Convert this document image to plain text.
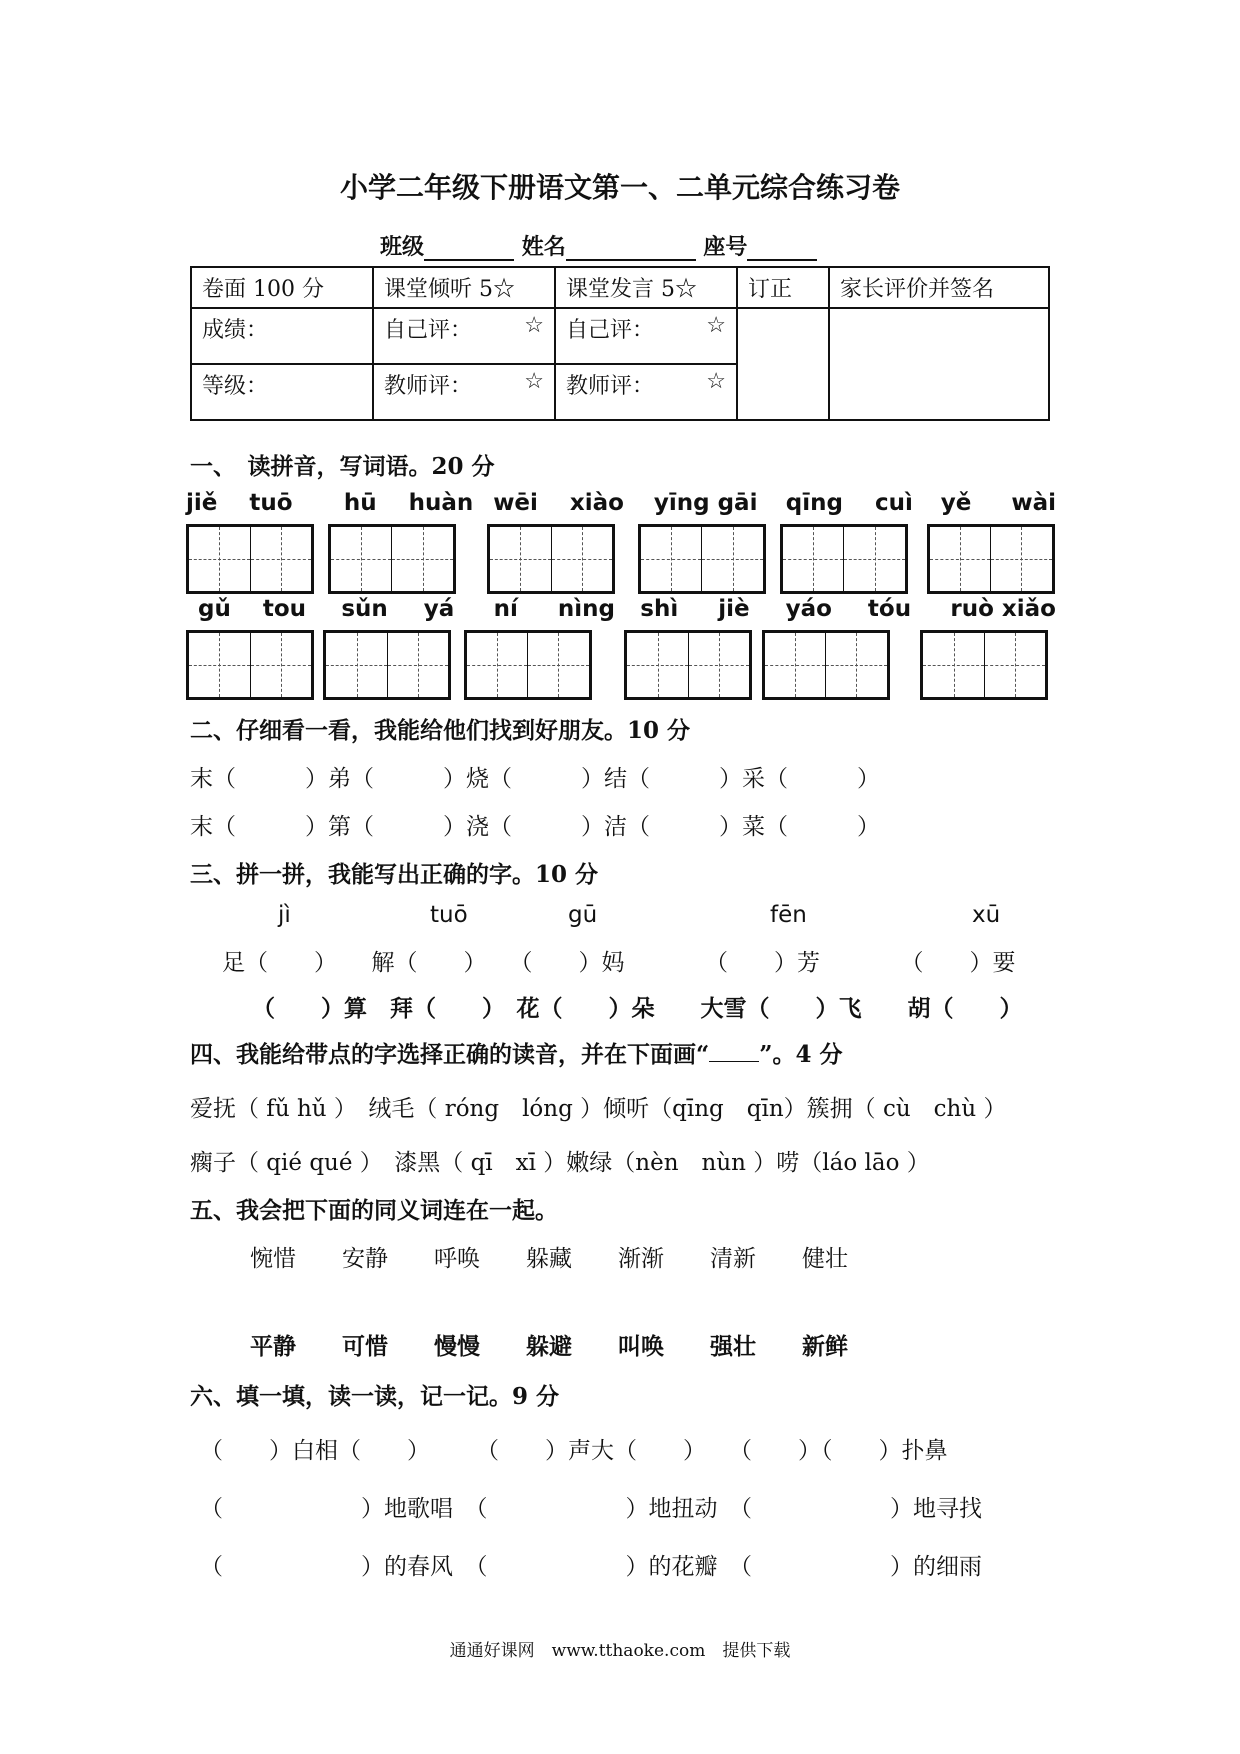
小学二年级下册语文第一、二单元综合练习卷
班级	姓名	座号
卷面 100 分	课堂倾听 5☆	课堂发言 5☆	订正	家长评价并签名
成绩：	自己评： ☆	自己评： ☆		

等级：	教师评： ☆	教师评： ☆		
一、　读拼音，写词语。20 分
jiě tuō hū huàn wēi xiào	yīng gāi	qīng cuì yě wài
gǔ tou sǔn yá ní nìng shì jiè yáo tóu	ruò xiǎo
二、仔细看一看，我能给他们找到好朋友。10 分
末（　　　）弟（　　　）烧（　　　）结（　　　）采（　　　）
末（　　　）第（　　　）浇（　　　）洁（　　　）菜（　　　）
三、拼一拼，我能写出正确的字。10 分
jì	tuō	gū	fēn	xū
足（　　）　　解（　　）　　（　　）妈　　　　（　　）芳　　　　（　　）要
（　　）算　拜（　　）　花（　　）朵　　大雪（　　）飞　　胡（　　）
四、我能给带点的字选择正确的读音，并在下面画“ ”。4 分
爱抚（ fǔ hǔ ）　绒毛（ róng　lóng ）倾听（qīng　qīn）簇拥（ cù　chù ）
瘸子（ qié qué ）　漆黑（ qī　xī ）嫩绿（nèn　nùn ）唠（láo lāo ）
五、我会把下面的同义词连在一起。
惋惜 安静 呼唤 躲藏 渐渐 清新 健壮
平静 可惜 慢慢 躲避 叫唤 强壮 新鲜
六、填一填，读一读，记一记。9 分
（　　）白相（　　）　　　（　　）声大（　　）　　（　　）（　　）扑鼻
（　　　　　　）地歌唱　（　　　　　　）地扭动　（　　　　　　）地寻找
（　　　　　　）的春风　（　　　　　　）的花瓣　（　　　　　　）的细雨
通通好课网　www.tthaoke.com　提供下载
